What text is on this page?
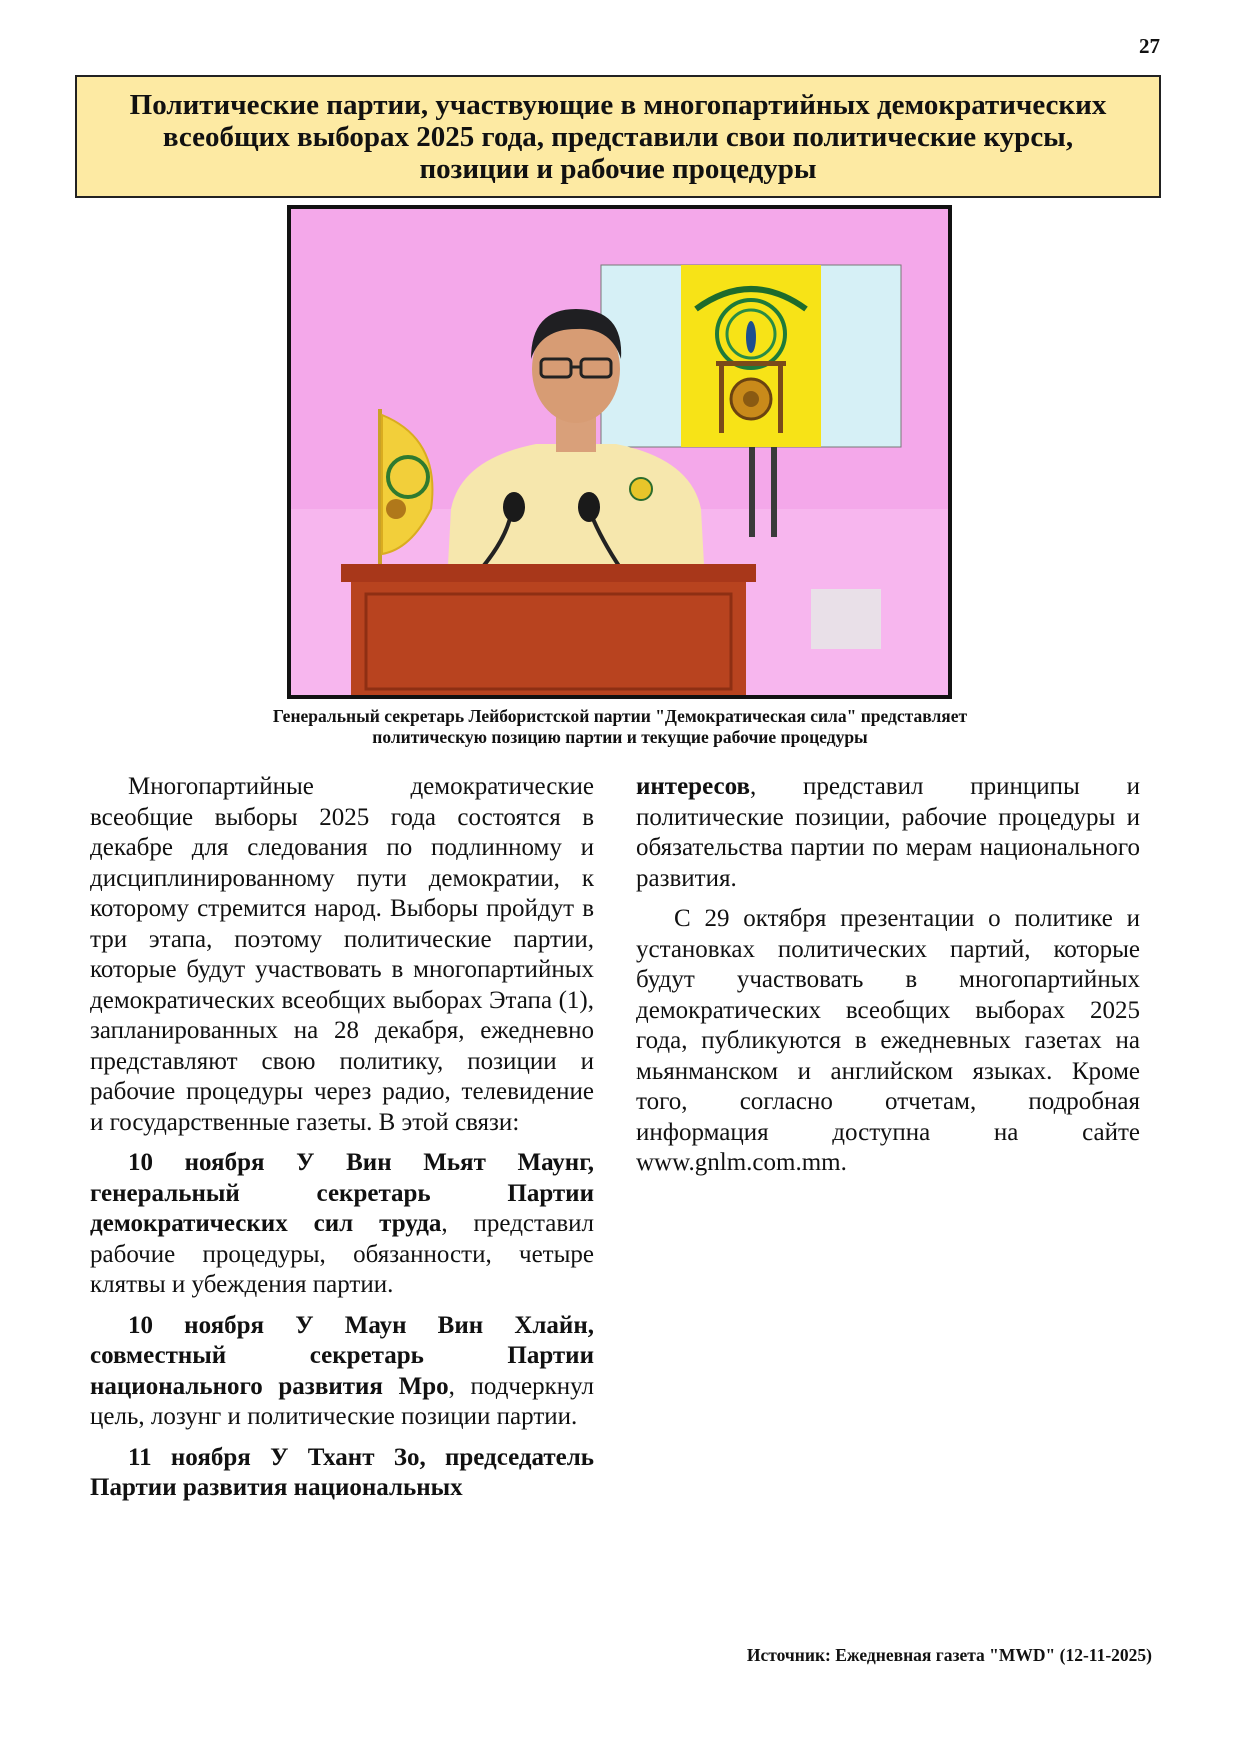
27
Политические партии, участвующие в многопартийных демократических
всеобщих выборах 2025 года, представили свои политические курсы,
позиции и рабочие процедуры
Генеральный секретарь Лейбористской партии "Демократическая сила" представляет
политическую позицию партии и текущие рабочие процедуры

Многопартийные демократические всеобщие выборы 2025 года состоятся в декабре для следования по подлинному и дисциплинированному пути демократии, к которому стремится народ. Выборы пройдут в три этапа, поэтому политические партии, которые будут участвовать в многопартийных демократических всеобщих выборах Этапа (1), запланированных на 28 декабря, ежедневно представляют свою политику, позиции и рабочие процедуры через радио, телевидение и государственные газеты. В этой связи:

10 ноября У Вин Мьят Маунг, генеральный секретарь Партии демократических сил труда, представил рабочие процедуры, обязанности, четыре клятвы и убеждения партии.

10 ноября У Маун Вин Хлайн, совместный секретарь Партии национального развития Мро, подчеркнул цель, лозунг и политические позиции партии.

11 ноября У Тхант Зо, председатель Партии развития национальных

интересов, представил принципы и политические позиции, рабочие процедуры и обязательства партии по мерам национального развития.

С 29 октября презентации о политике и установках политических партий, которые будут участвовать в многопартийных демократических всеобщих выборах 2025 года, публикуются в ежедневных газетах на мьянманском и английском языках. Кроме того, согласно отчетам, подробная информация доступна на сайте www.gnlm.com.mm.

Источник: Ежедневная газета "MWD" (12-11-2025)
